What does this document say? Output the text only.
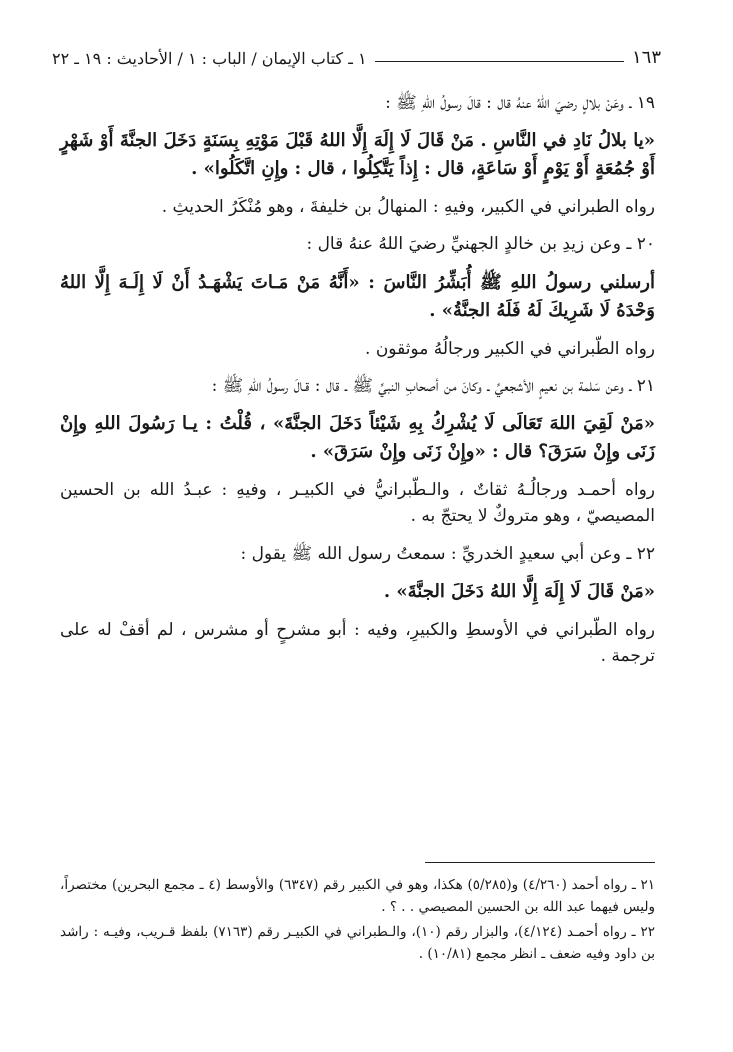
١٦٣
١ ـ كتاب الإيمان / الباب : ١ / الأحاديث : ١٩ ـ ٢٢

١٩ ـ وعَنْ بلالٍ رضيَ اللهُ عنهُ قال : قالَ رسولُ اللهِ ﷺ :

«يا بلالُ نَادِ في النَّاسِ . مَنْ قَالَ لَا إِلَهَ إِلَّا اللهُ قَبْلَ مَوْتِهِ بِسَنَةٍ دَخَلَ الجنَّةَ أَوْ شَهْرٍ أَوْ جُمُعَةٍ أَوْ يَوْمٍ أَوْ سَاعَةٍ، قال : إِذاً يَتَّكِلُوا ، قال : وإِنِ اتَّكَلُوا» .

رواه الطبراني في الكبير، وفيهِ : المنهالُ بن خليفةَ ، وهو مُنْكَرُ الحديثِ .

٢٠ ـ وعن زيدِ بن خالدٍ الجهنيِّ رضيَ اللهُ عنهُ قال :

أرسلني رسولُ اللهِ ﷺ أُبَشِّرُ النَّاسَ : «أَنَّهُ مَنْ مَـاتَ يَشْهَـدُ أَنْ لَا إِلَـهَ إِلَّا اللهُ وَحْدَهُ لَا شَرِيكَ لَهُ فَلَهُ الجنَّةُ» .

رواه الطّبراني في الكبير ورجالُهُ موثقون .

٢١ ـ وعن سَلمة بن نعيمٍ الأشجعيِّ ـ وكانَ من أصحابِ النبيِّ ﷺ ـ قال : قـالَ رسولُ اللهِ ﷺ :

«مَنْ لَقِيَ اللهَ تَعَالَى لَا يُشْرِكُ بِهِ شَيْئاً دَخَلَ الجنَّةَ» ، قُلْتُ : يـا رَسُولَ اللهِ وإِنْ زَنَى وإِنْ سَرَقَ؟ قال : «وإِنْ زَنَى وإِنْ سَرَقَ» .

رواه أحمـد ورجالُـهُ ثقاتٌ ، والـطّبرانيُّ في الكبيـر ، وفيهِ : عبـدُ الله بن الحسين المصيصيّ ، وهو متروكٌ لا يحتجّ به .

٢٢ ـ وعن أبي سعيدٍ الخدريِّ : سمعتُ رسول الله ﷺ يقول :

«مَنْ قَالَ لَا إِلَهَ إِلَّا اللهُ دَخَلَ الجنَّةَ» .

رواه الطّبراني في الأوسطِ والكبيرِ، وفيه : أبو مشرحٍ أو مشرس ، لم أقفْ له على ترجمة .

٢١ ـ رواه أحمد (٤/٢٦٠) و(٥/٢٨٥) هكذا، وهو في الكبير رقم (٦٣٤٧) والأوسط (٤ ـ مجمع البحرين) مختصراً، وليس فيهما عبد الله بن الحسين المصيصي . . ؟ .

٢٢ ـ رواه أحمـد (٤/١٢٤)، والبزار رقم (١٠)، والـطبراني في الكبيـر رقم (٧١٦٣) بلفظ قـريب، وفيـه : راشد بن داود وفيه ضعف ـ انظر مجمع (١٠/٨١) .
